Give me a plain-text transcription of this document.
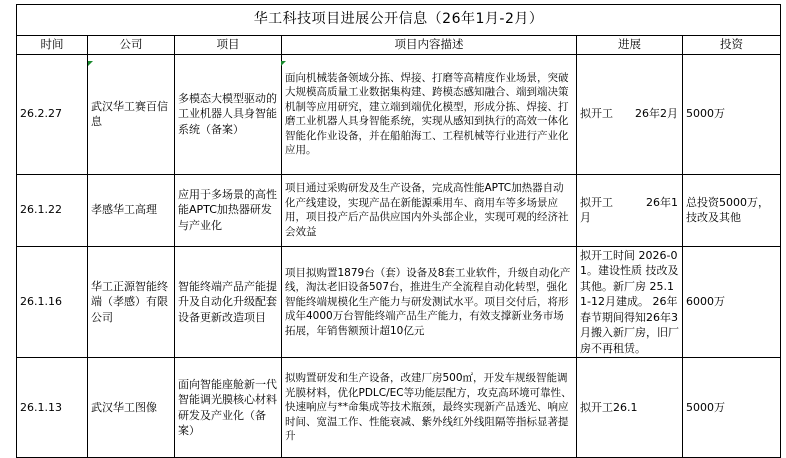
华工科技项目进展公开信息（26年1月-2月）					
时间	公司	项目	项目内容描述	进展	投资
26.2.27	武汉华工赛百信息	多模态大模型驱动的工业机器人具身智能系统（备案）	面向机械装备领域分拣、焊接、打磨等高精度作业场景，突破大规模高质量工业数据集构建、跨模态感知融合、端到端决策机制等应用研究，建立端到端优化模型，形成分拣、焊接、打磨工业机器人具身智能系统，实现从感知到执行的高效一体化智能化作业设备，并在船舶海工、工程机械等行业进行产业化应用。	拟开工　　26年2月	5000万
26.1.22	孝感华工高理	应用于多场景的高性能APTC加热器研发与产业化	项目通过采购研发及生产设备，完成高性能APTC加热器自动化产线建设，实现产品在新能源乘用车、商用车等多场景应用，项目投产后产品供应国内外头部企业，实现可观的经济社会效益	拟开工　　　26年1月	总投资5000万，技改及其他
26.1.16	华工正源智能终端（孝感）有限公司	智能终端产品产能提升及自动化升级配套设备更新改造项目	项目拟购置1879台（套）设备及8套工业软件，升级自动化产线，淘汰老旧设备507台，推进生产全流程自动化转型，强化智能终端规模化生产能力与研发测试水平。项目交付后，将形成年4000万台智能终端产品生产能力，有效支撑新业务市场拓展，年销售额预计超10亿元	拟开工时间 2026-01。建设性质 技改及其他。新厂房 25.11-12月建成。 26年春节期间得知26年3月搬入新厂房，旧厂房不再租赁。	6000万
26.1.13	武汉华工图像	面向智能座舱新一代智能调光膜核心材料研发及产业化（备案）	拟购置研发和生产设备，改建厂房500㎡，开发车规级智能调光膜材料，优化PDLC/EC等功能层配方，攻克高环境可靠性、快速响应与**命集成等技术瓶颈，最终实现新产品透光、响应时间、宽温工作、性能衰减、紫外线红外线阻隔等指标显著提升	拟开工26.1	5000万
